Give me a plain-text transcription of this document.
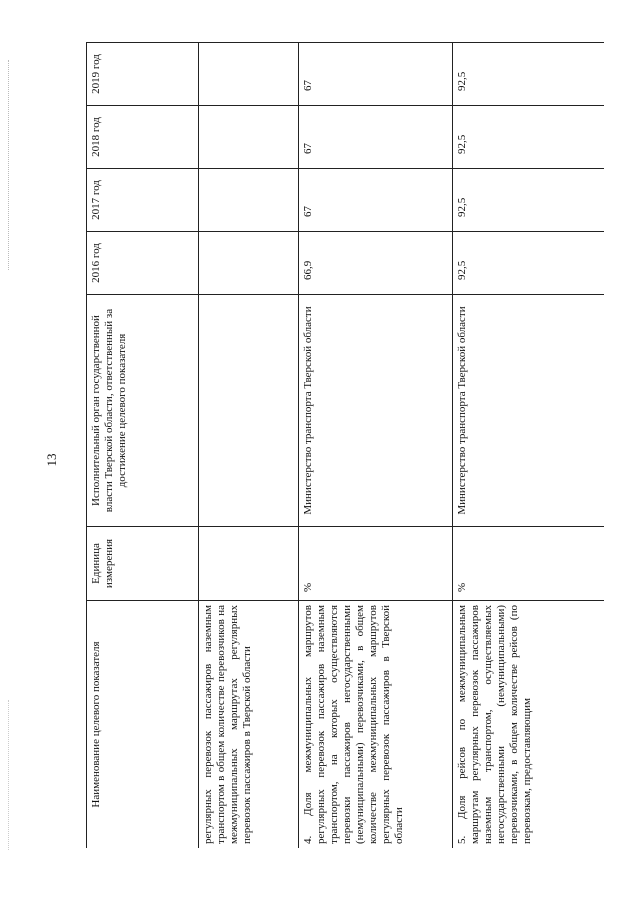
13
Наименование целевого показателя	Единица измерения	Исполнительный орган государственной власти Тверской области, ответственный за достижение целевого показателя	2016 год	2017 год	2018 год	2019 год
регулярных перевозок пассажиров наземным транспортом в общем количестве перевозчиков на межмуниципальных маршрутах регулярных перевозок пассажиров в Тверской области						
4. Доля межмуниципальных маршрутов регулярных перевозок пассажиров наземным транспортом, на которых осуществляются перевозки пассажиров негосударственными (немуниципальными) перевозчиками, в общем количестве межмуниципальных маршрутов регулярных перевозок пассажиров в Тверской области	%	Министерство транспорта Тверской области	66,9	67	67	67
5. Доля рейсов по межмуниципальным маршрутам регулярных перевозок пассажиров наземным транспортом, осуществляемых негосударственными (немуниципальными) перевозчиками, в общем количестве рейсов (по перевозкам, предоставляющим	%	Министерство транспорта Тверской области	92,5	92,5	92,5	92,5
